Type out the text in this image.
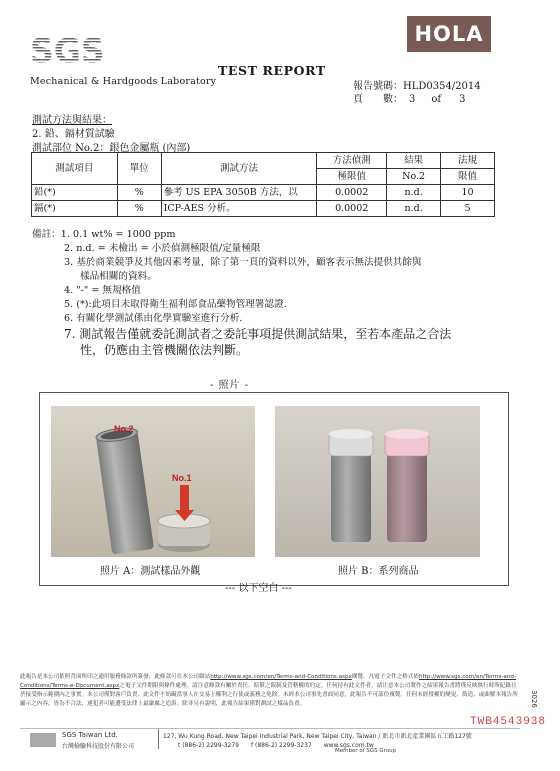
SGS
Mechanical & Hardgoods Laboratory
TEST REPORT
HOLA
報告號碼：HLD0354/2014
頁　　數： 3 of 3
測試方法與結果：
2. 鉛、鎘材質試驗
測試部位 No.2：銀色金屬瓶 (內部)
測試項目	單位	測試方法	方法偵測	結果	法規
			極限值	No.2	限值
鉛(*)	%	參考 US EPA 3050B 方法，以	0.0002	n.d.	10
鎘(*)	%	ICP-AES 分析。	0.0002	n.d.	5
備註：1. 0.1 wt% = 1000 ppm
2. n.d. = 未檢出 = 小於偵測極限值/定量極限
3. 基於商業競爭及其他因素考量，除了第一頁的資料以外，顧客表示無法提供其餘與
樣品相關的資料。
4. "-" = 無規格值
5. (*):此項目未取得衛生福利部食品藥物管理署認證.
6. 有關化學測試係由化學實驗室進行分析.
7. 測試報告僅就委託測試者之委託事項提供測試結果，至若本產品之合法
性，仍應由主管機關依法判斷。
- 照片 -
No.2
No.1
照片 A：測試樣品外觀	照片 B：系列商品
--- 以下空白 ---
此報告是本公司依照背面所印之通用服務條款所簽發，此條款可在本公司網站http://www.sgs.com/en/Terms-and-Conditions.aspx閱覽，凡電子文件之格式依http://www.sgs.com/en/Terms-and-Conditions/Terms-e-Document.aspx之電子文件期限與條件處理。請注意條款有關於責任、賠償之限制及管轄權的約定。任何持有此文件者，請注意本公司製作之結果報告書將僅反映執行時所紀錄且於接受指示範圍內之事實。本公司僅對客戶負責，此文件不妨礙當事人在交易上權利之行使或義務之免除。未經本公司事先書面同意，此報告不可部份複製。任何未經授權的變更、偽造、或曲解本報告所顯示之內容，皆為不合法，違犯者可能遭受法律上最嚴厲之追訴。除非另有說明，此報告結果僅對測試之樣品負責。
TWB4543938
3026
SGS Taiwan Ltd.
台灣檢驗科技股份有限公司
127, Wu Kung Road, New Taipei Industrial Park, New Taipei City, Taiwan / 新北市新北產業園區五工路127號
t (886-2) 2299-3279　　f (886-2) 2299-3237　　www.sgs.com.tw
Member of SGS Group
